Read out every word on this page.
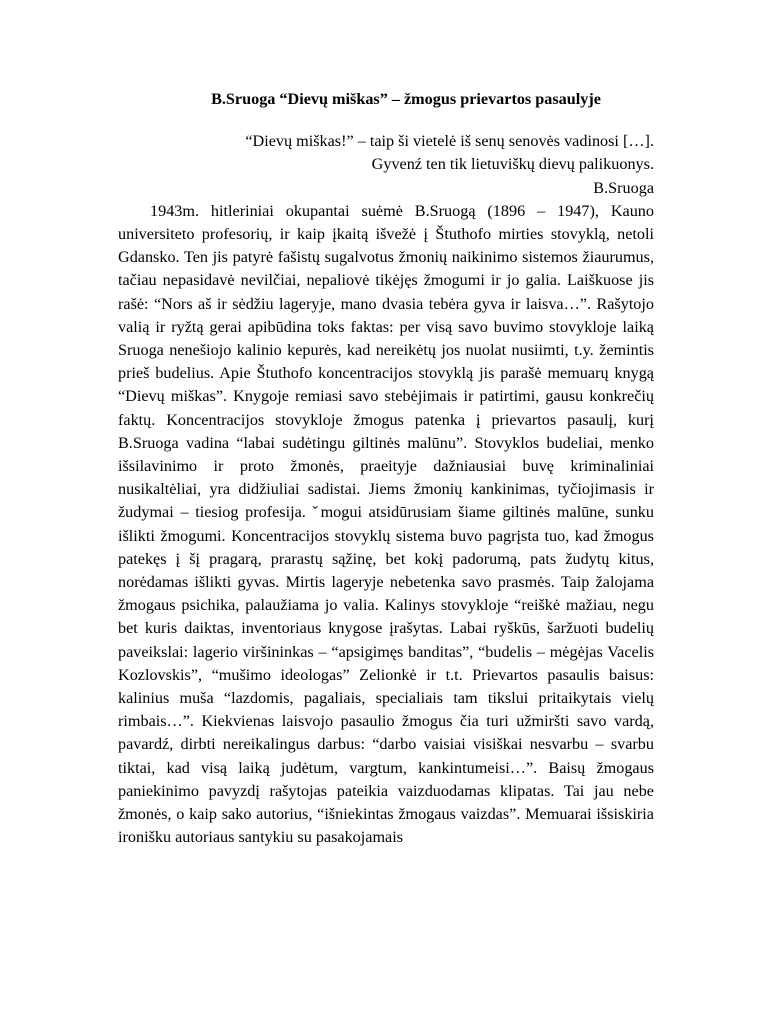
B.Sruoga “Dievų miškas” – žmogus prievartos pasaulyje
“Dievų miškas!” – taip ši vietelė iš senų senovės vadinosi […].
Gyvenź ten tik lietuviškų dievų palikuonys.
B.Sruoga

1943m. hitleriniai okupantai suėmė B.Sruogą (1896 – 1947), Kauno universiteto profesorių, ir kaip įkaitą išvežė į Štuthofo mirties stovyklą, netoli Gdansko. Ten jis patyrė fašistų sugalvotus žmonių naikinimo sistemos žiaurumus, tačiau nepasidavė nevilčiai, nepaliovė tikėjęs žmogumi ir jo galia. Laiškuose jis rašė: “Nors aš ir sėdžiu lageryje, mano dvasia tebėra gyva ir laisva…”. Rašytojo valią ir ryžtą gerai apibūdina toks faktas: per visą savo buvimo stovykloje laiką Sruoga nenešiojo kalinio kepurės, kad nereikėtų jos nuolat nusiimti, t.y. žemintis prieš budelius. Apie Štuthofo koncentracijos stovyklą jis parašė memuarų knygą “Dievų miškas”. Knygoje remiasi savo stebėjimais ir patirtimi, gausu konkrečių faktų. Koncentracijos stovykloje žmogus patenka į prievartos pasaulį, kurį B.Sruoga vadina “labai sudėtingu giltinės malūnu”. Stovyklos budeliai, menko išsilavinimo ir proto žmonės, praeityje dažniausiai buvę kriminaliniai nusikaltėliai, yra didžiuliai sadistai. Jiems žmonių kankinimas, tyčiojimasis ir žudymai – tiesiog profesija. ˇmogui atsidūrusiam šiame giltinės malūne, sunku išlikti žmogumi. Koncentracijos stovyklų sistema buvo pagrįsta tuo, kad žmogus patekęs į šį pragarą, prarastų sąžinę, bet kokį padorumą, pats žudytų kitus, norėdamas išlikti gyvas. Mirtis lageryje nebetenka savo prasmės. Taip žalojama žmogaus psichika, palaužiama jo valia. Kalinys stovykloje “reiškė mažiau, negu bet kuris daiktas, inventoriaus knygose įrašytas. Labai ryškūs, šaržuoti budelių paveikslai: lagerio viršininkas – “apsigimęs banditas”, “budelis – mėgėjas Vacelis Kozlovskis”, “mušimo ideologas” Zelionkė ir t.t. Prievartos pasaulis baisus: kalinius muša “lazdomis, pagaliais, specialiais tam tikslui pritaikytais vielų rimbais…”. Kiekvienas laisvojo pasaulio žmogus čia turi užmiršti savo vardą, pavardź, dirbti nereikalingus darbus: “darbo vaisiai visiškai nesvarbu – svarbu tiktai, kad visą laiką judėtum, vargtum, kankintumeisi…”. Baisų žmogaus paniekinimo pavyzdį rašytojas pateikia vaizduodamas klipatas. Tai jau nebe žmonės, o kaip sako autorius, “išniekintas žmogaus vaizdas”. Memuarai išsiskiria ironišku autoriaus santykiu su pasakojamais
